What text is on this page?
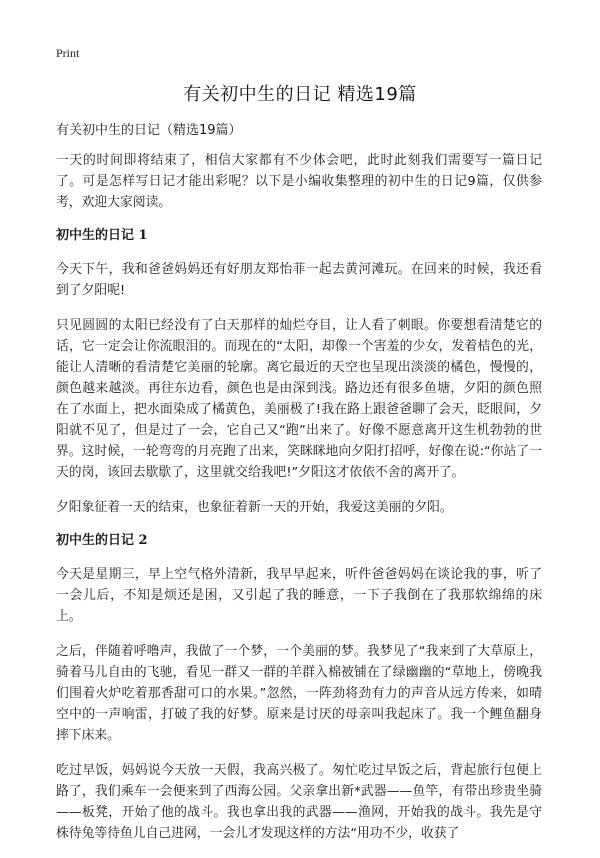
Print
有关初中生的日记 精选19篇
有关初中生的日记（精选19篇）

一天的时间即将结束了，相信大家都有不少体会吧，此时此刻我们需要写一篇日记了。可是怎样写日记才能出彩呢？以下是小编收集整理的初中生的日记9篇，仅供参考，欢迎大家阅读。

初中生的日记 1

今天下午，我和爸爸妈妈还有好朋友郑怡菲一起去黄河滩玩。在回来的时候，我还看到了夕阳呢!

只见圆圆的太阳已经没有了白天那样的灿烂夺目，让人看了刺眼。你要想看清楚它的话，它一定会让你流眼泪的。而现在的“太阳，却像一个害羞的少女，发着桔色的光，能让人清晰的看清楚它美丽的轮廓。离它最近的天空也呈现出淡淡的橘色，慢慢的，颜色越来越淡。再往东边看，颜色也是由深到浅。路边还有很多鱼塘，夕阳的颜色照在了水面上，把水面染成了橘黄色，美丽极了!我在路上跟爸爸聊了会天，眨眼间，夕阳就不见了，但是过了一会，它自己又“跑”出来了。好像不愿意离开这生机勃勃的世界。这时候，一轮弯弯的月亮跑了出来，笑眯眯地向夕阳打招呼，好像在说:“你站了一天的岗，该回去歇歇了，这里就交给我吧!”夕阳这才依依不舍的离开了。

夕阳象征着一天的结束，也象征着新一天的开始，我爱这美丽的夕阳。

初中生的日记 2

今天是星期三，早上空气格外清新，我早早起来，听件爸爸妈妈在谈论我的事，听了一会儿后，不知是烦还是困，又引起了我的睡意，一下子我倒在了我那软绵绵的床上。

之后，伴随着呼噜声，我做了一个梦，一个美丽的梦。我梦见了“我来到了大草原上，骑着马儿自由的飞驰，看见一群又一群的羊群入棉被铺在了绿幽幽的“草地上，傍晚我们围着火炉吃着那香甜可口的水果。”忽然，一阵劲将劲有力的声音从远方传来，如晴空中的一声响雷，打破了我的好梦。原来是讨厌的母亲叫我起床了。我一个鲤鱼翻身摔下床来。

吃过早饭，妈妈说今天放一天假，我高兴极了。匆忙吃过早饭之后，背起旅行包便上路了，我们乘车一会便来到了西海公园。父亲拿出新*武器——鱼竿，有带出珍贵坐骑——板凳，开始了他的战斗。我也拿出我的武器——渔网，开始我的战斗。我先是守株待兔等待鱼儿自己进网，一会儿才发现这样的方法“用功不少，收获了
